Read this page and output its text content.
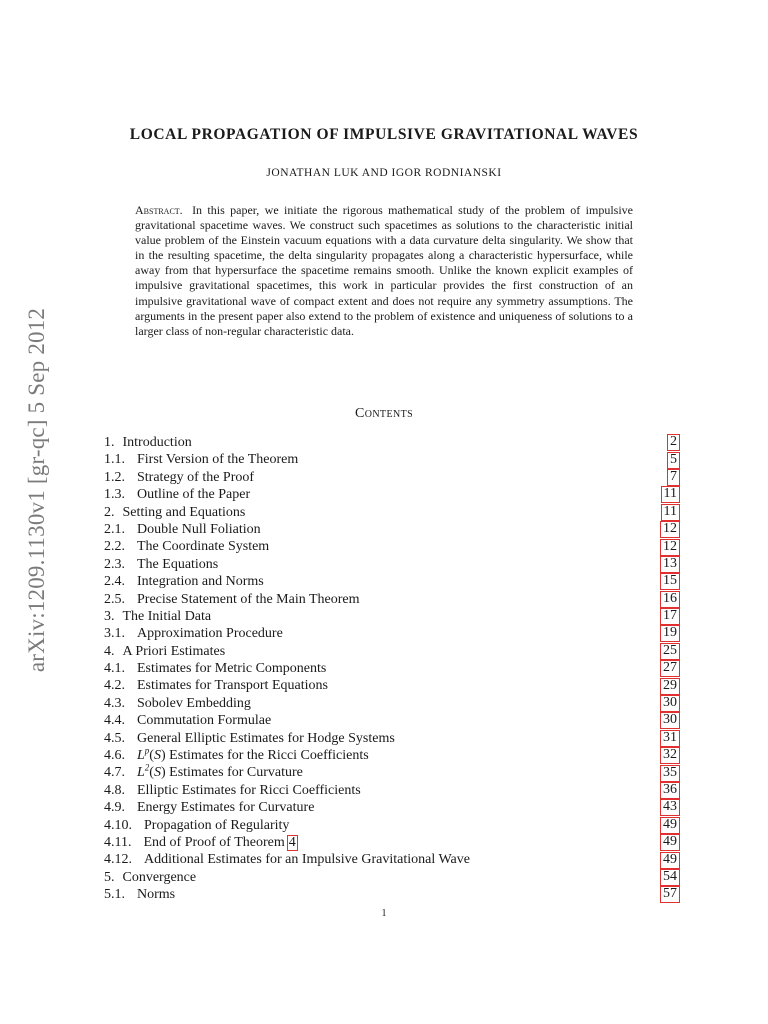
arXiv:1209.1130v1 [gr-qc] 5 Sep 2012
LOCAL PROPAGATION OF IMPULSIVE GRAVITATIONAL WAVES
JONATHAN LUK AND IGOR RODNIANSKI
Abstract. In this paper, we initiate the rigorous mathematical study of the problem of impulsive gravitational spacetime waves. We construct such spacetimes as solutions to the characteristic initial value problem of the Einstein vacuum equations with a data curvature delta singularity. We show that in the resulting spacetime, the delta singularity propagates along a characteristic hypersurface, while away from that hypersurface the spacetime remains smooth. Unlike the known explicit examples of impulsive gravitational spacetimes, this work in particular provides the first construction of an impulsive gravitational wave of compact extent and does not require any symmetry assumptions. The arguments in the present paper also extend to the problem of existence and uniqueness of solutions to a larger class of non-regular characteristic data.
Contents
1. Introduction	2
1.1. First Version of the Theorem	5
1.2. Strategy of the Proof	7
1.3. Outline of the Paper	11
2. Setting and Equations	11
2.1. Double Null Foliation	12
2.2. The Coordinate System	12
2.3. The Equations	13
2.4. Integration and Norms	15
2.5. Precise Statement of the Main Theorem	16
3. The Initial Data	17
3.1. Approximation Procedure	19
4. A Priori Estimates	25
4.1. Estimates for Metric Components	27
4.2. Estimates for Transport Equations	29
4.3. Sobolev Embedding	30
4.4. Commutation Formulae	30
4.5. General Elliptic Estimates for Hodge Systems	31
4.6. $L^p(S)$ Estimates for the Ricci Coefficients	32
4.7. $L^2(S)$ Estimates for Curvature	35
4.8. Elliptic Estimates for Ricci Coefficients	36
4.9. Energy Estimates for Curvature	43
4.10. Propagation of Regularity	49
4.11. End of Proof of Theorem 4	49
4.12. Additional Estimates for an Impulsive Gravitational Wave	49
5. Convergence	54
5.1. Norms	57
1
